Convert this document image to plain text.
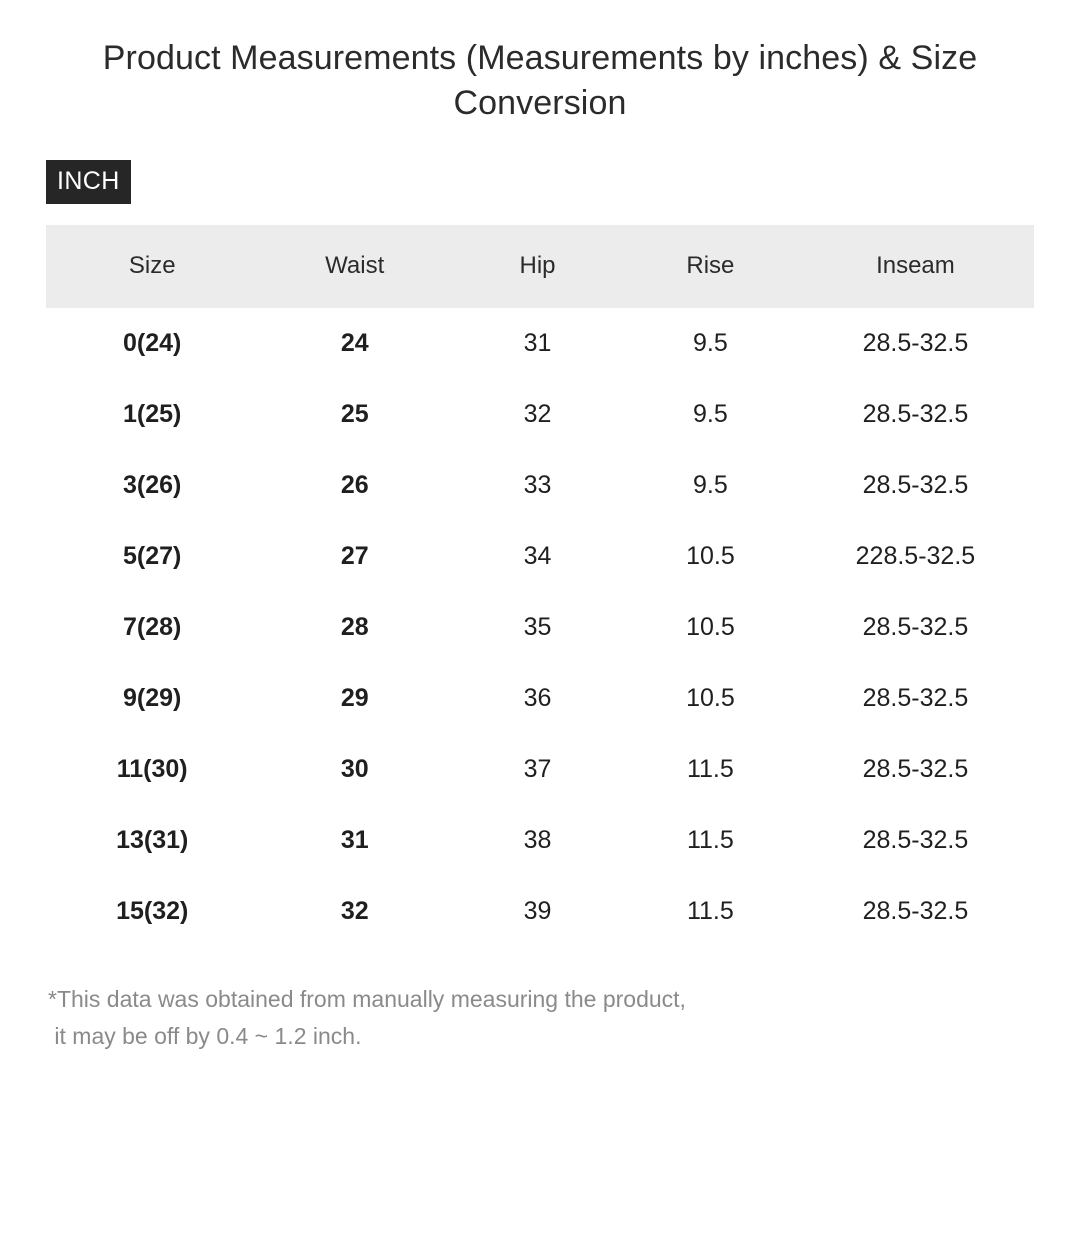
Product Measurements (Measurements by inches) & Size Conversion
INCH
Size	Waist	Hip	Rise	Inseam
0(24)	24	31	9.5	28.5-32.5
1(25)	25	32	9.5	28.5-32.5
3(26)	26	33	9.5	28.5-32.5
5(27)	27	34	10.5	228.5-32.5
7(28)	28	35	10.5	28.5-32.5
9(29)	29	36	10.5	28.5-32.5
11(30)	30	37	11.5	28.5-32.5
13(31)	31	38	11.5	28.5-32.5
15(32)	32	39	11.5	28.5-32.5
*This data was obtained from manually measuring the product,
it may be off by 0.4 ~ 1.2 inch.
